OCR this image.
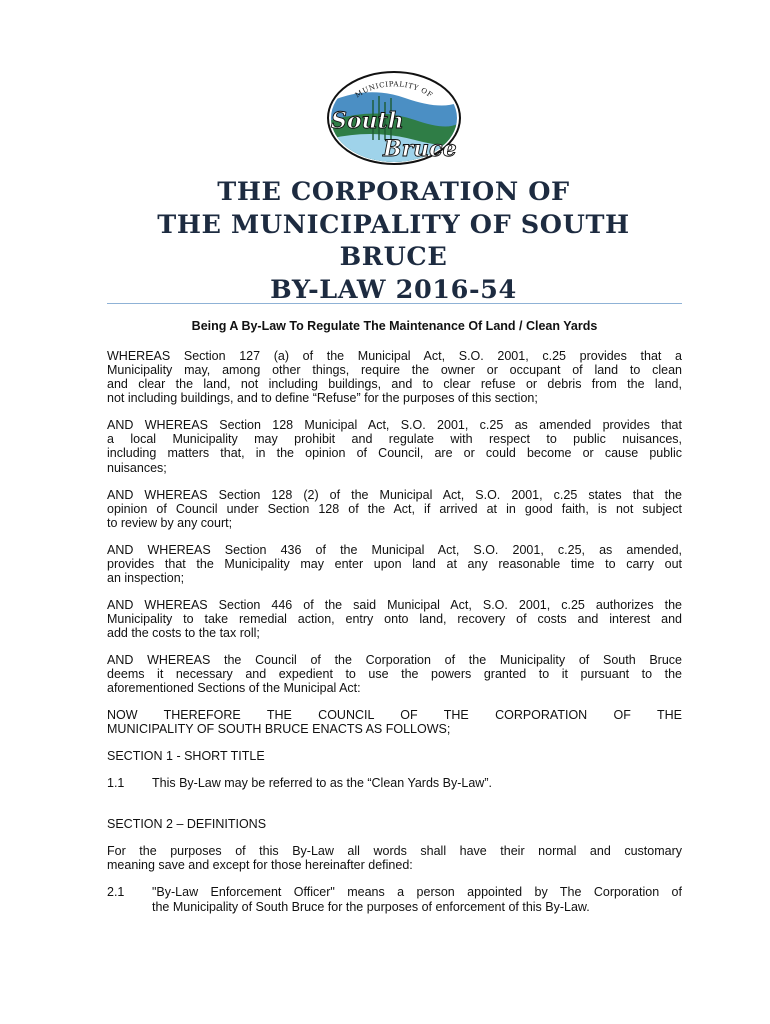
MUNICIPALITY OF
South
Bruce
THE CORPORATION OF
THE MUNICIPALITY OF SOUTH
BRUCE
BY-LAW 2016-54
Being A By-Law To Regulate The Maintenance Of Land / Clean Yards
WHEREAS Section 127 (a) of the Municipal Act, S.O. 2001, c.25 provides that a
Municipality may, among other things, require the owner or occupant of land to clean
and clear the land, not including buildings, and to clear refuse or debris from the land,
not including buildings, and to define “Refuse” for the purposes of this section;
AND WHEREAS Section 128 Municipal Act, S.O. 2001, c.25 as amended provides that
a local Municipality may prohibit and regulate with respect to public nuisances,
including matters that, in the opinion of Council, are or could become or cause public
nuisances;
AND WHEREAS Section 128 (2) of the Municipal Act, S.O. 2001, c.25 states that the
opinion of Council under Section 128 of the Act, if arrived at in good faith, is not subject
to review by any court;
AND WHEREAS Section 436 of the Municipal Act, S.O. 2001, c.25, as amended,
provides that the Municipality may enter upon land at any reasonable time to carry out
an inspection;
AND WHEREAS Section 446 of the said Municipal Act, S.O. 2001, c.25 authorizes the
Municipality to take remedial action, entry onto land, recovery of costs and interest and
add the costs to the tax roll;
AND WHEREAS the Council of the Corporation of the Municipality of South Bruce
deems it necessary and expedient to use the powers granted to it pursuant to the
aforementioned Sections of the Municipal Act:
NOW THEREFORE THE COUNCIL OF THE CORPORATION OF THE
MUNICIPALITY OF SOUTH BRUCE ENACTS AS FOLLOWS;
SECTION 1 - SHORT TITLE
1.1	This By-Law may be referred to as the “Clean Yards By-Law”.
SECTION 2 – DEFINITIONS
For the purposes of this By-Law all words shall have their normal and customary
meaning save and except for those hereinafter defined:
2.1	"By-Law Enforcement Officer" means a person appointed by The Corporation of
the Municipality of South Bruce for the purposes of enforcement of this By-Law.
